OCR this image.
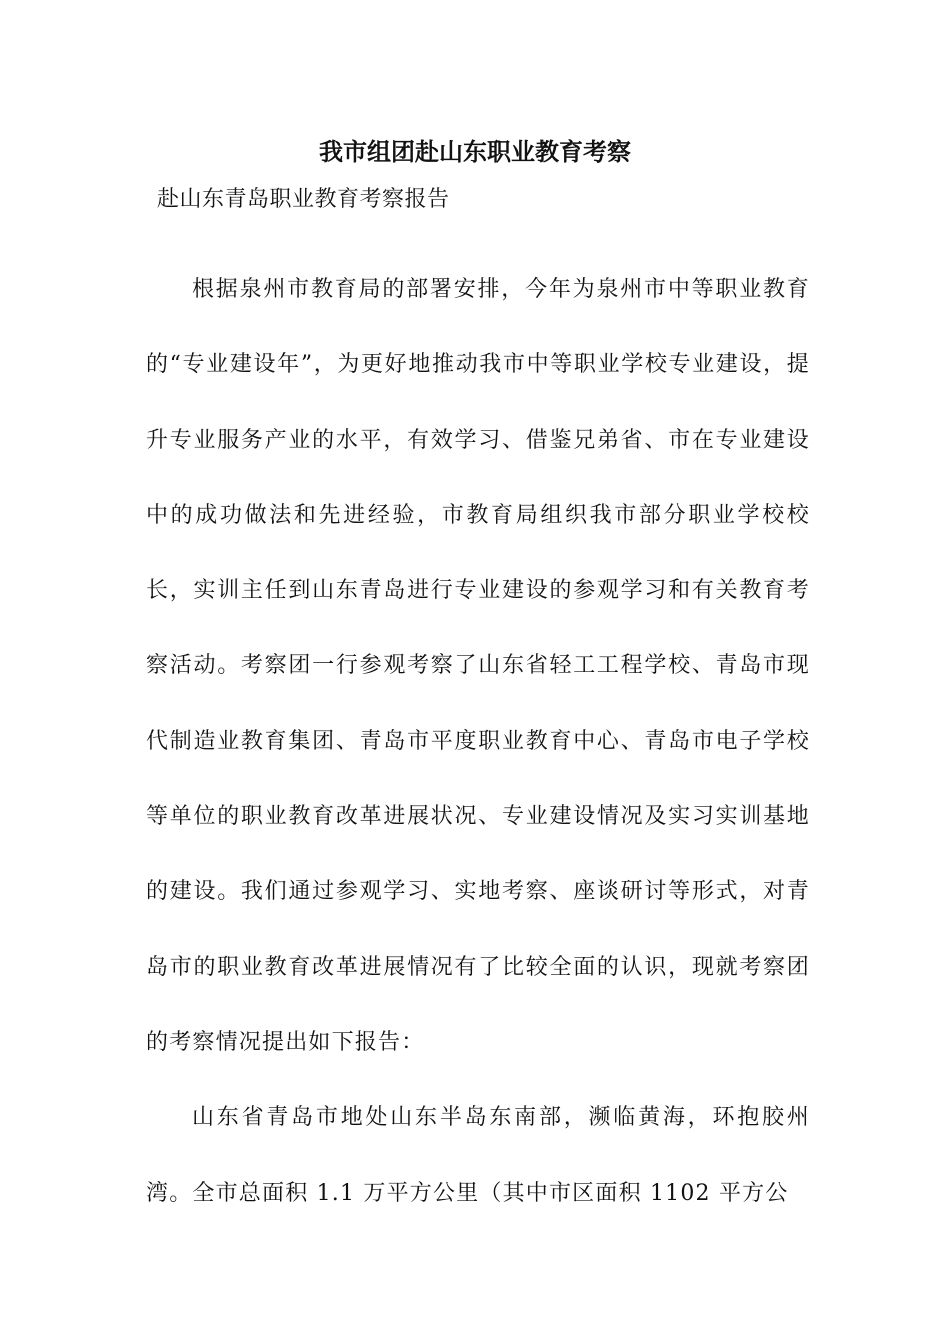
我市组团赴山东职业教育考察
赴山东青岛职业教育考察报告

根据泉州市教育局的部署安排，今年为泉州市中等职业教育的“专业建设年”，为更好地推动我市中等职业学校专业建设，提升专业服务产业的水平，有效学习、借鉴兄弟省、市在专业建设中的成功做法和先进经验，市教育局组织我市部分职业学校校长，实训主任到山东青岛进行专业建设的参观学习和有关教育考察活动。考察团一行参观考察了山东省轻工工程学校、青岛市现代制造业教育集团、青岛市平度职业教育中心、青岛市电子学校等单位的职业教育改革进展状况、专业建设情况及实习实训基地的建设。我们通过参观学习、实地考察、座谈研讨等形式，对青岛市的职业教育改革进展情况有了比较全面的认识，现就考察团的考察情况提出如下报告：

山东省青岛市地处山东半岛东南部，濒临黄海，环抱胶州湾。全市总面积 1.1 万平方公里（其中市区面积 1102 平方公
